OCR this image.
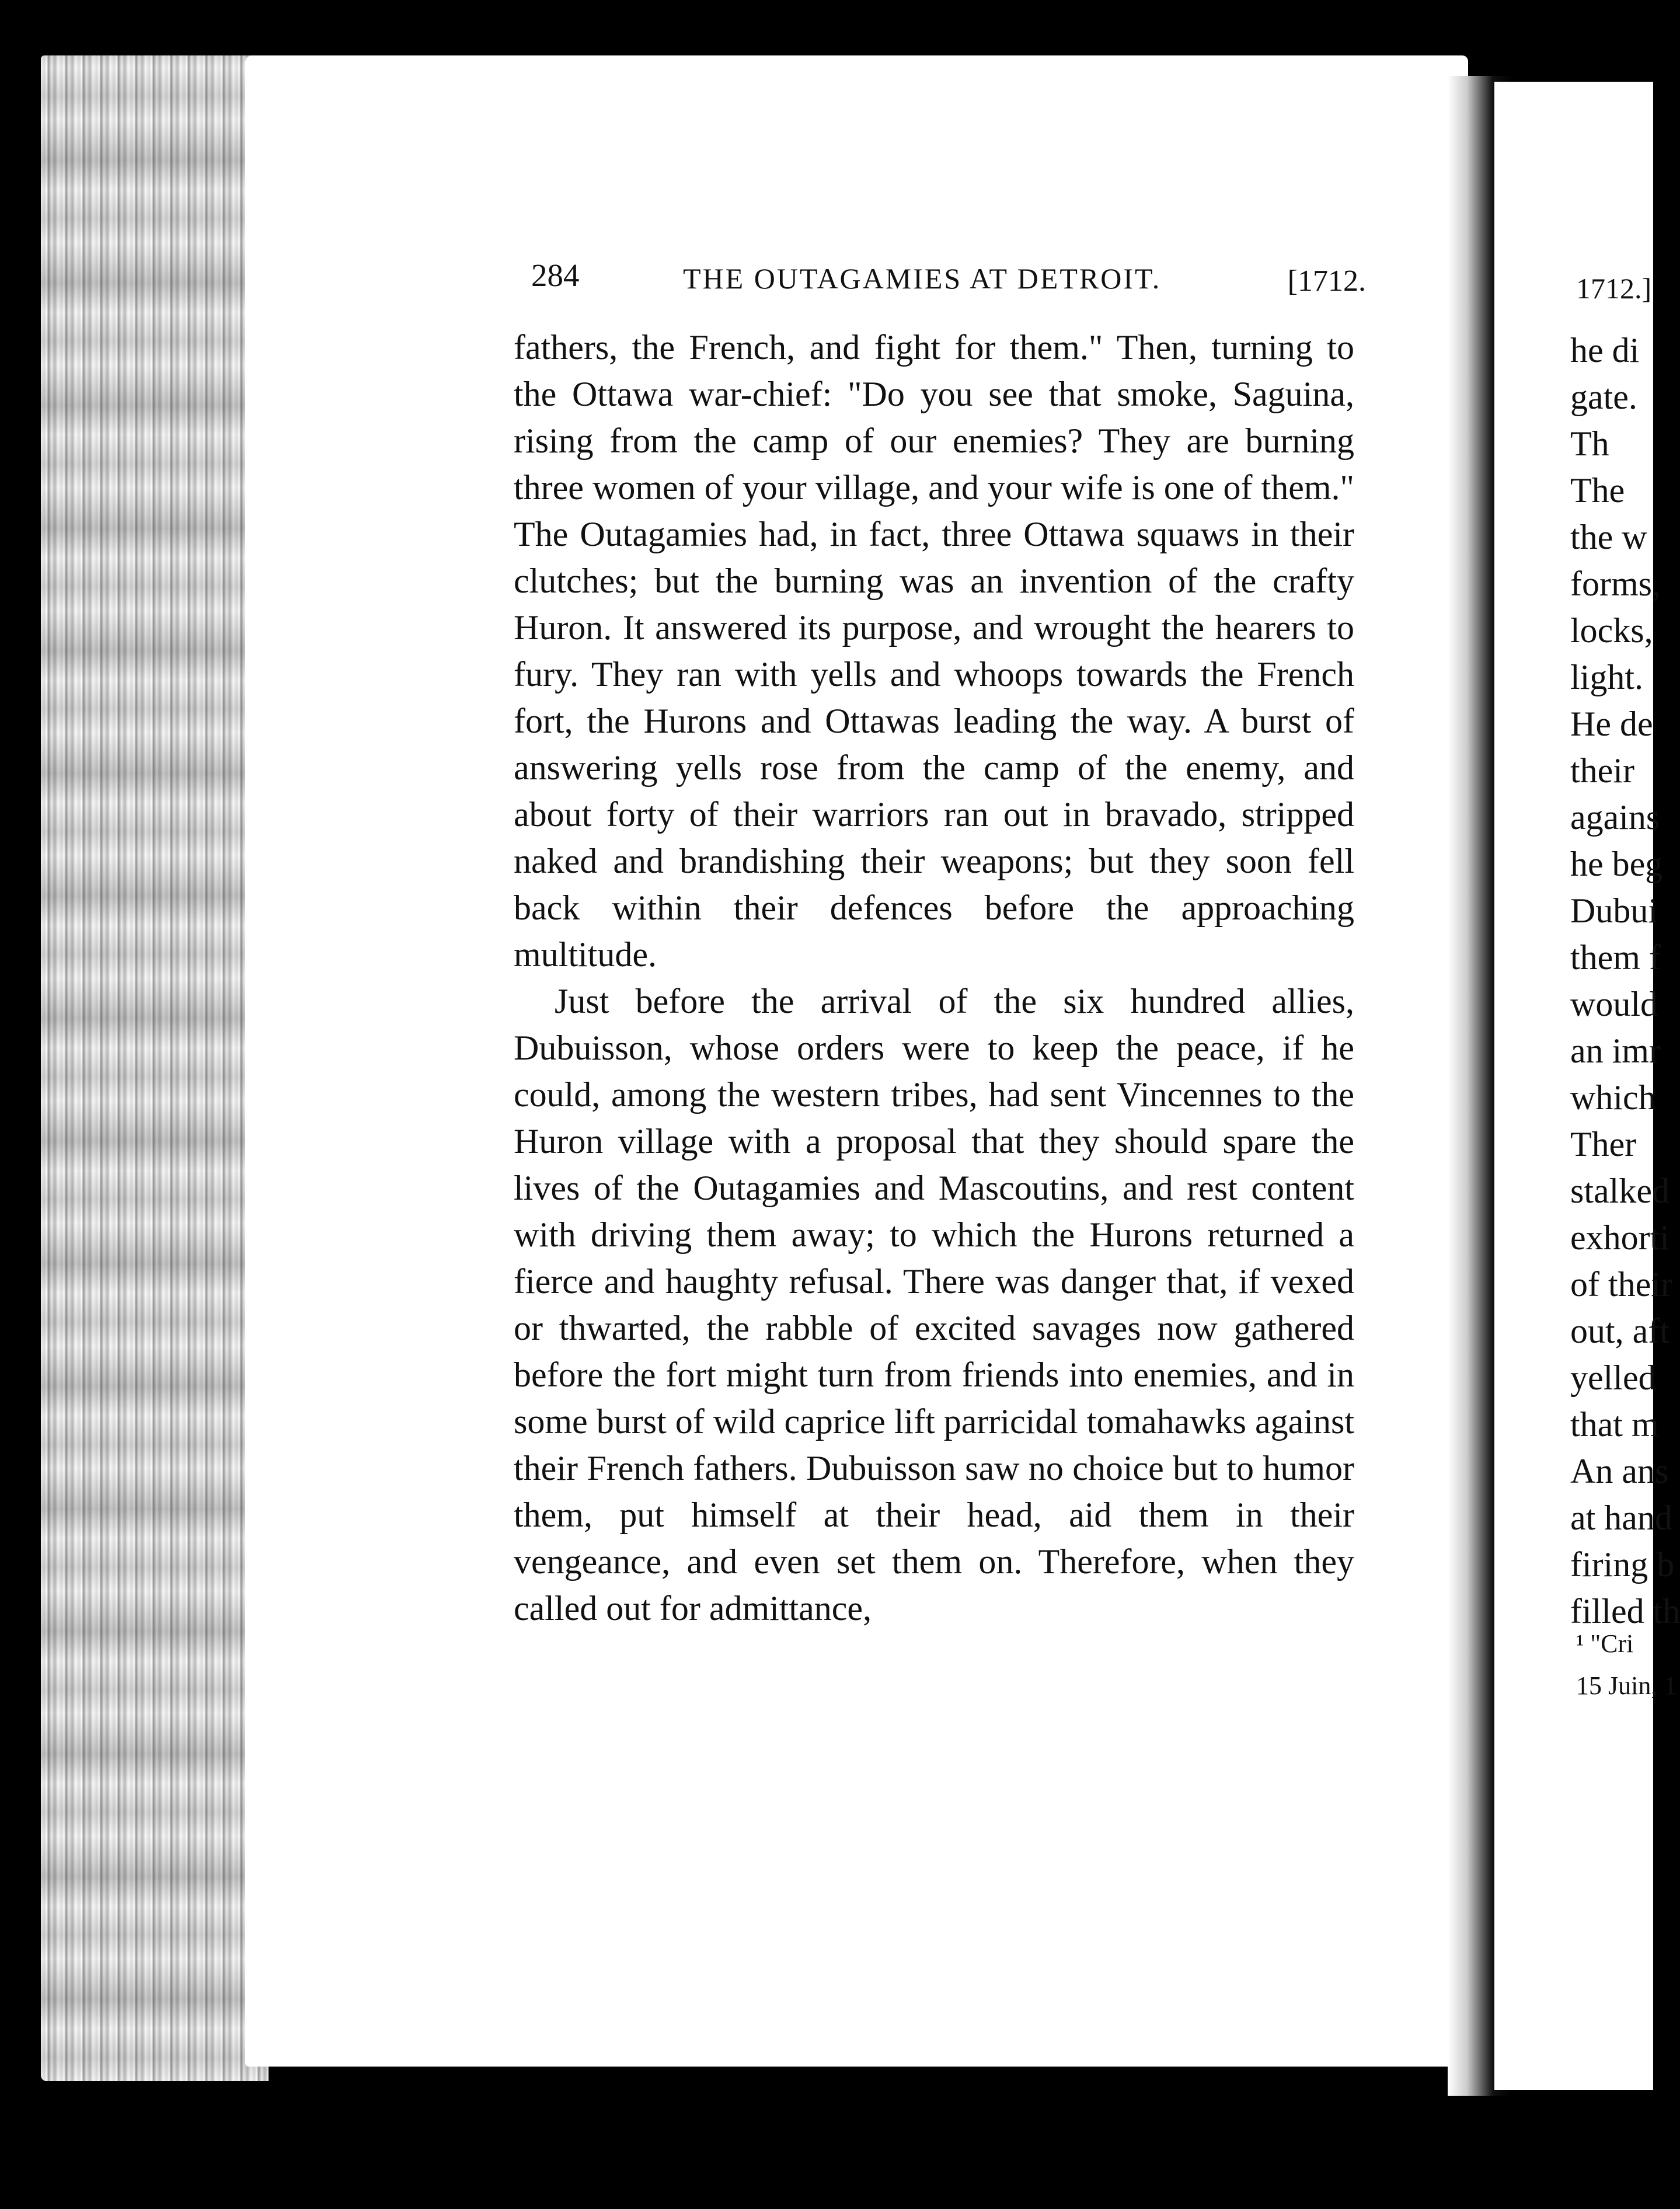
284	THE OUTAGAMIES AT DETROIT.	[1712.

fathers, the French, and fight for them." Then, turning to the Ottawa war-chief: "Do you see that smoke, Saguina, rising from the camp of our enemies? They are burning three women of your village, and your wife is one of them." The Outagamies had, in fact, three Ottawa squaws in their clutches; but the burning was an invention of the crafty Huron. It answered its purpose, and wrought the hearers to fury. They ran with yells and whoops towards the French fort, the Hurons and Ottawas leading the way. A burst of answering yells rose from the camp of the enemy, and about forty of their warriors ran out in bravado, stripped naked and brandishing their weapons; but they soon fell back within their defences before the approaching multitude.

Just before the arrival of the six hundred allies, Dubuisson, whose orders were to keep the peace, if he could, among the western tribes, had sent Vincennes to the Huron village with a proposal that they should spare the lives of the Outagamies and Mascoutins, and rest content with driving them away; to which the Hurons returned a fierce and haughty refusal. There was danger that, if vexed or thwarted, the rabble of excited savages now gathered before the fort might turn from friends into enemies, and in some burst of wild caprice lift parricidal tomahawks against their French fathers. Dubuisson saw no choice but to humor them, put himself at their head, aid them in their vengeance, and even set them on. Therefore, when they called out for admittance,

1712.]
he di
gate.
Th
The
the w
forms,
locks,
light.
He de
their
agains
he beg
Dubui
them f
would
an imr
which
Ther
stalked
exhorti
of their
out, aft
yelled
that m
An ans
at hand
firing b
filled th
¹ "Cri
15 Juin, 1
